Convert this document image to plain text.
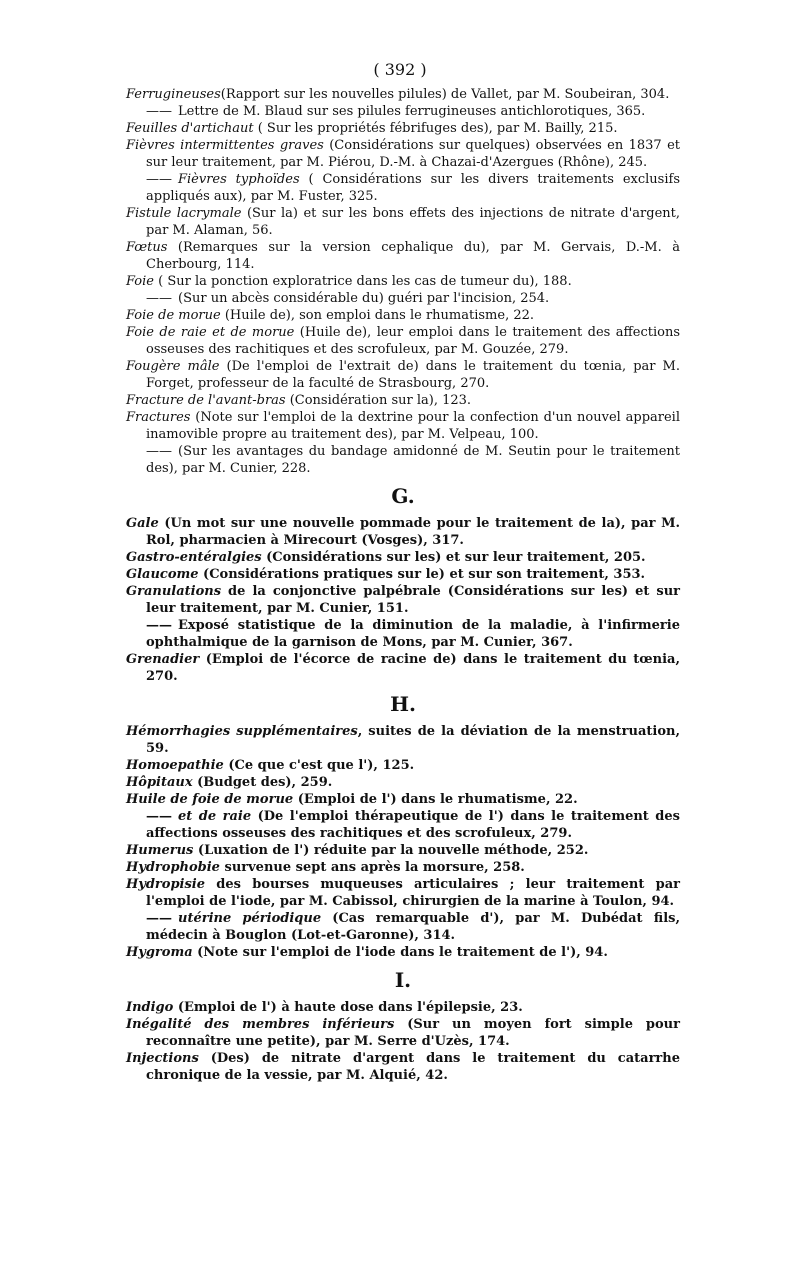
( 392 )

Ferrugineuses(Rapport sur les nouvelles pilules) de Vallet, par M. Soubeiran, 304.

—— Lettre de M. Blaud sur ses pilules ferrugineuses antichlorotiques, 365.

Feuilles d'artichaut ( Sur les propriétés fébrifuges des), par M. Bailly, 215.

Fièvres intermittentes graves (Considérations sur quelques) observées en 1837 et sur leur traitement, par M. Piérou, D.-M. à Chazai-d'Azergues (Rhône), 245.

—— Fièvres typhoïdes ( Considérations sur les divers traitements exclusifs appliqués aux), par M. Fuster, 325.

Fistule lacrymale (Sur la) et sur les bons effets des injections de nitrate d'argent, par M. Alaman, 56.

Fœtus (Remarques sur la version cephalique du), par M. Gervais, D.-M. à Cherbourg, 114.

Foie ( Sur la ponction exploratrice dans les cas de tumeur du), 188.

—— (Sur un abcès considérable du) guéri par l'incision, 254.

Foie de morue (Huile de), son emploi dans le rhumatisme, 22.

Foie de raie et de morue (Huile de), leur emploi dans le traitement des affections osseuses des rachitiques et des scrofuleux, par M. Gouzée, 279.

Fougère mâle (De l'emploi de l'extrait de) dans le traitement du tœnia, par M. Forget, professeur de la faculté de Strasbourg, 270.

Fracture de l'avant-bras (Considération sur la), 123.

Fractures (Note sur l'emploi de la dextrine pour la confection d'un nouvel appareil inamovible propre au traitement des), par M. Velpeau, 100.

—— (Sur les avantages du bandage amidonné de M. Seutin pour le traitement des), par M. Cunier, 228.

G.

Gale (Un mot sur une nouvelle pommade pour le traitement de la), par M. Rol, pharmacien à Mirecourt (Vosges), 317.

Gastro-entéralgies (Considérations sur les) et sur leur traitement, 205.

Glaucome (Considérations pratiques sur le) et sur son traitement, 353.

Granulations de la conjonctive palpébrale (Considérations sur les) et sur leur traitement, par M. Cunier, 151.

—— Exposé statistique de la diminution de la maladie, à l'infirmerie ophthalmique de la garnison de Mons, par M. Cunier, 367.

Grenadier (Emploi de l'écorce de racine de) dans le traitement du tœnia, 270.

H.

Hémorrhagies supplémentaires, suites de la déviation de la menstruation, 59.

Homoepathie (Ce que c'est que l'), 125.

Hôpitaux (Budget des), 259.

Huile de foie de morue (Emploi de l') dans le rhumatisme, 22.

—— et de raie (De l'emploi thérapeutique de l') dans le traitement des affections osseuses des rachitiques et des scrofuleux, 279.

Humerus (Luxation de l') réduite par la nouvelle méthode, 252.

Hydrophobie survenue sept ans après la morsure, 258.

Hydropisie des bourses muqueuses articulaires ; leur traitement par l'emploi de l'iode, par M. Cabissol, chirurgien de la marine à Toulon, 94.

—— utérine périodique (Cas remarquable d'), par M. Dubédat fils, médecin à Bouglon (Lot-et-Garonne), 314.

Hygroma (Note sur l'emploi de l'iode dans le traitement de l'), 94.

I.

Indigo (Emploi de l') à haute dose dans l'épilepsie, 23.

Inégalité des membres inférieurs (Sur un moyen fort simple pour reconnaître une petite), par M. Serre d'Uzès, 174.

Injections (Des) de nitrate d'argent dans le traitement du catarrhe chronique de la vessie, par M. Alquié, 42.
